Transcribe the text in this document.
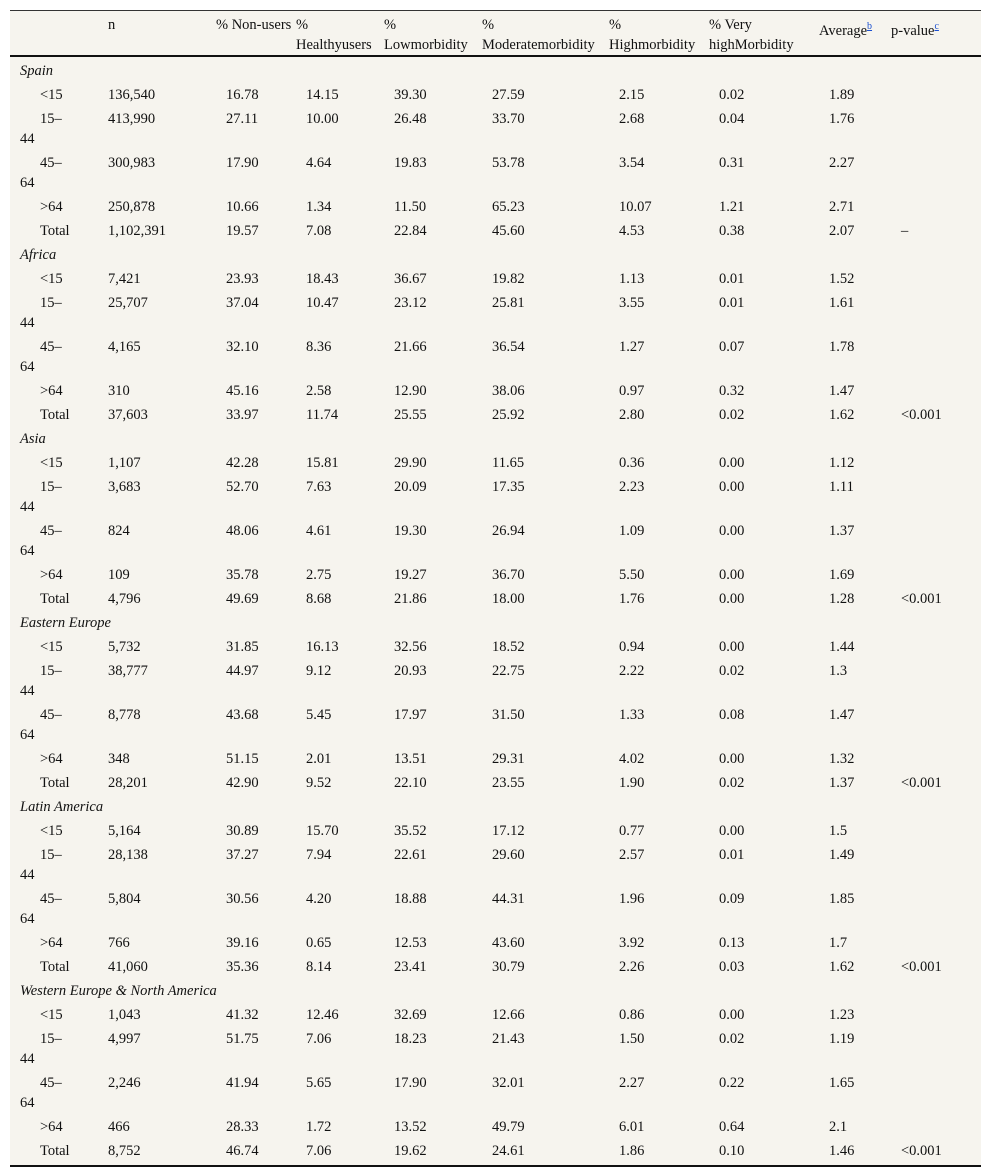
	n	% Non-users	% Healthyusers	% Lowmorbidity	% Moderatemorbidity	% Highmorbidity	% Very highMorbidity	Average$^b$	p-value$^c$
Spain									

<15	136,540	16.78	14.15	39.30	27.59	2.15	0.02	1.89	

15–
44	413,990	27.11	10.00	26.48	33.70	2.68	0.04	1.76	

45–
64	300,983	17.90	4.64	19.83	53.78	3.54	0.31	2.27	

>64	250,878	10.66	1.34	11.50	65.23	10.07	1.21	2.71	

Total	1,102,391	19.57	7.08	22.84	45.60	4.53	0.38	2.07	–
Africa									

<15	7,421	23.93	18.43	36.67	19.82	1.13	0.01	1.52	

15–
44	25,707	37.04	10.47	23.12	25.81	3.55	0.01	1.61	

45–
64	4,165	32.10	8.36	21.66	36.54	1.27	0.07	1.78	

>64	310	45.16	2.58	12.90	38.06	0.97	0.32	1.47	

Total	37,603	33.97	11.74	25.55	25.92	2.80	0.02	1.62	<0.001
Asia									

<15	1,107	42.28	15.81	29.90	11.65	0.36	0.00	1.12	

15–
44	3,683	52.70	7.63	20.09	17.35	2.23	0.00	1.11	

45–
64	824	48.06	4.61	19.30	26.94	1.09	0.00	1.37	

>64	109	35.78	2.75	19.27	36.70	5.50	0.00	1.69	

Total	4,796	49.69	8.68	21.86	18.00	1.76	0.00	1.28	<0.001
Eastern Europe									

<15	5,732	31.85	16.13	32.56	18.52	0.94	0.00	1.44	

15–
44	38,777	44.97	9.12	20.93	22.75	2.22	0.02	1.3	

45–
64	8,778	43.68	5.45	17.97	31.50	1.33	0.08	1.47	

>64	348	51.15	2.01	13.51	29.31	4.02	0.00	1.32	

Total	28,201	42.90	9.52	22.10	23.55	1.90	0.02	1.37	<0.001
Latin America									

<15	5,164	30.89	15.70	35.52	17.12	0.77	0.00	1.5	

15–
44	28,138	37.27	7.94	22.61	29.60	2.57	0.01	1.49	

45–
64	5,804	30.56	4.20	18.88	44.31	1.96	0.09	1.85	

>64	766	39.16	0.65	12.53	43.60	3.92	0.13	1.7	

Total	41,060	35.36	8.14	23.41	30.79	2.26	0.03	1.62	<0.001
Western Europe & North America									

<15	1,043	41.32	12.46	32.69	12.66	0.86	0.00	1.23	

15–
44	4,997	51.75	7.06	18.23	21.43	1.50	0.02	1.19	

45–
64	2,246	41.94	5.65	17.90	32.01	2.27	0.22	1.65	

>64	466	28.33	1.72	13.52	49.79	6.01	0.64	2.1	

Total	8,752	46.74	7.06	19.62	24.61	1.86	0.10	1.46	<0.001
